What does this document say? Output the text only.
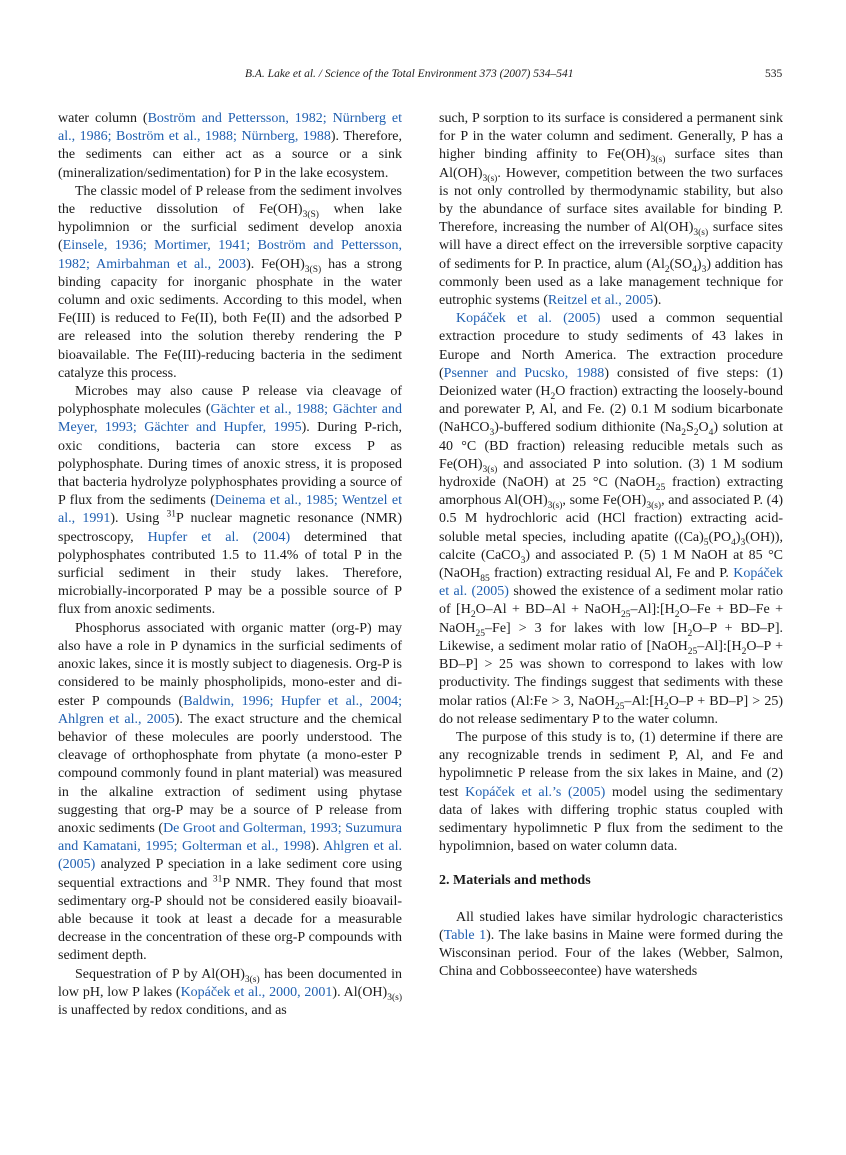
B.A. Lake et al. / Science of the Total Environment 373 (2007) 534–541	535

water column (Boström and Pettersson, 1982; Nürnberg et al., 1986; Boström et al., 1988; Nürnberg, 1988). Therefore, the sediments can either act as a source or a sink (mineralization/sedimentation) for P in the lake ecosystem.

The classic model of P release from the sediment involves the reductive dissolution of $Fe(OH)_{3(S)}$ when lake hypolimnion or the surficial sediment develop anoxia (Einsele, 1936; Mortimer, 1941; Boström and Pettersson, 1982; Amirbahman et al., 2003). $Fe(OH)_{3(S)}$ has a strong binding capacity for inorganic phosphate in the water column and oxic sediments. According to this model, when Fe(III) is reduced to Fe(II), both Fe(II) and the adsorbed P are released into the solution thereby rendering the P bioavailable. The Fe(III)-reducing bacteria in the sediment catalyze this process.

Microbes may also cause P release via cleavage of polyphosphate molecules (Gächter et al., 1988; Gächter and Meyer, 1993; Gächter and Hupfer, 1995). During P-rich, oxic conditions, bacteria can store excess P as polyphosphate. During times of anoxic stress, it is proposed that bacteria hydrolyze polyphosphates providing a source of P flux from the sediments (Deinema et al., 1985; Wentzel et al., 1991). Using $^{31}$P nuclear magnetic resonance (NMR) spectroscopy, Hupfer et al. (2004) determined that polyphosphates contributed 1.5 to 11.4% of total P in the surficial sediment in their study lakes. Therefore, microbially-incorporated P may be a possible source of P flux from anoxic sediments.

Phosphorus associated with organic matter (org-P) may also have a role in P dynamics in the surficial sediments of anoxic lakes, since it is mostly subject to diagenesis. Org-P is considered to be mainly phospholipids, mono-ester and di-ester P compounds (Baldwin, 1996; Hupfer et al., 2004; Ahlgren et al., 2005). The exact structure and the chemical behavior of these molecules are poorly understood. The cleavage of orthophosphate from phytate (a mono-ester P compound commonly found in plant material) was measured in the alkaline extraction of sediment using phytase suggesting that org-P may be a source of P release from anoxic sediments (De Groot and Golterman, 1993; Suzumura and Kamatani, 1995; Golterman et al., 1998). Ahlgren et al. (2005) analyzed P speciation in a lake sediment core using sequential extractions and $^{31}$P NMR. They found that most sedimentary org-P should not be considered easily bioavailable because it took at least a decade for a measurable decrease in the concentration of these org-P compounds with sediment depth.

Sequestration of P by $Al(OH)_{3(s)}$ has been documented in low pH, low P lakes (Kopáček et al., 2000, 2001). $Al(OH)_{3(s)}$ is unaffected by redox conditions, and as

such, P sorption to its surface is considered a permanent sink for P in the water column and sediment. Generally, P has a higher binding affinity to $Fe(OH)_{3(s)}$ surface sites than $Al(OH)_{3(s)}$. However, competition between the two surfaces is not only controlled by thermodynamic stability, but also by the abundance of surface sites available for binding P. Therefore, increasing the number of $Al(OH)_{3(s)}$ surface sites will have a direct effect on the irreversible sorptive capacity of sediments for P. In practice, alum $(Al_2(SO_4)_3)$ addition has commonly been used as a lake management technique for eutrophic systems (Reitzel et al., 2005).

Kopáček et al. (2005) used a common sequential extraction procedure to study sediments of 43 lakes in Europe and North America. The extraction procedure (Psenner and Pucsko, 1988) consisted of five steps: (1) Deionized water ($H_2O$ fraction) extracting the loosely-bound and porewater P, Al, and Fe. (2) 0.1 M sodium bicarbonate (NaHCO$_3$)-buffered sodium dithionite $(Na_2S_2O_4)$ solution at 40 °C (BD fraction) releasing reducible metals such as $Fe(OH)_{3(s)}$ and associated P into solution. (3) 1 M sodium hydroxide (NaOH) at 25 °C (NaOH$_{25}$ fraction) extracting amorphous $Al(OH)_{3(s)}$, some $Fe(OH)_{3(s)}$, and associated P. (4) 0.5 M hydrochloric acid (HCl fraction) extracting acid-soluble metal species, including apatite $((Ca)_5(PO_4)_3(OH))$, calcite (CaCO$_3$) and associated P. (5) 1 M NaOH at 85 °C (NaOH$_{85}$ fraction) extracting residual Al, Fe and P. Kopáček et al. (2005) showed the existence of a sediment molar ratio of [$H_2O-Al + BD-Al$ + $NaOH_{25}-Al]:[H_2O-Fe + BD-Fe$ + NaOH$_{25}$–Fe] > 3 for lakes with low $[H_2O-P + BD-P]$. Likewise, a sediment molar ratio of $[NaOH_{25}-Al]:[H_2O-P + BD-P] > 25$ was shown to correspond to lakes with low productivity. The findings suggest that sediments with these molar ratios (Al:Fe > 3, $NaOH_{25}-Al:[H_2O-P + BD-P] > 25$) do not release sedimentary P to the water column.

The purpose of this study is to, (1) determine if there are any recognizable trends in sediment P, Al, and Fe and hypolimnetic P release from the six lakes in Maine, and (2) test Kopáček et al.’s (2005) model using the sedimentary data of lakes with differing trophic status coupled with sedimentary hypolimnetic P flux from the sediment to the hypolimnion, based on water column data.

2. Materials and methods

All studied lakes have similar hydrologic characteristics (Table 1). The lake basins in Maine were formed during the Wisconsinan period. Four of the lakes (Webber, Salmon, China and Cobbosseecontee) have watersheds
